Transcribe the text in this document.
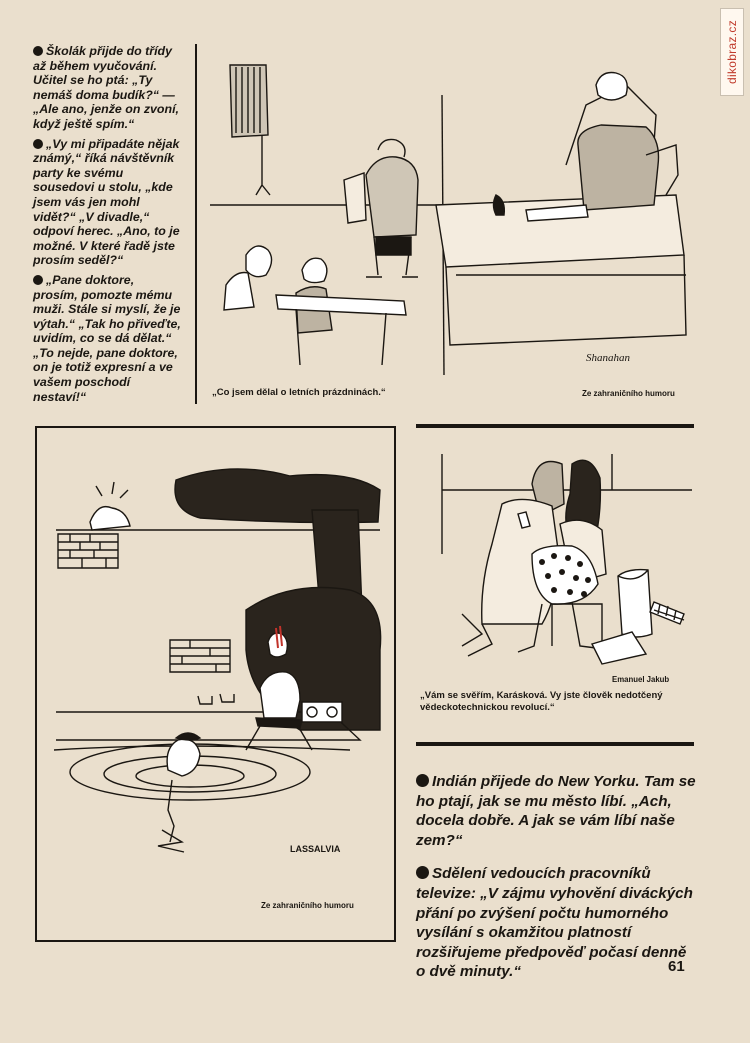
dikobraz.cz

Školák přijde do třídy až během vyučování. Učitel se ho ptá: „Ty nemáš doma budík?“ — „Ale ano, jenže on zvoní, když ještě spím.“

„Vy mi připadáte nějak známý,“ říká návštěvník party ke svému sousedovi u stolu, „kde jsem vás jen mohl vidět?“ „V divadle,“ odpoví herec. „Ano, to je možné. V které řadě jste prosím seděl?“

„Pane doktore, prosím, pomozte mému muži. Stále si myslí, že je výtah.“ „Tak ho přiveďte, uvidím, co se dá dělat.“ „To nejde, pane doktore, on je totiž expresní a ve vašem poschodí nestaví!“

Shanahan
„Co jsem dělal o letních prázdninách.“	Ze zahraničního humoru
LASSALVIA
Ze zahraničního humoru
Emanuel Jakub
„Vám se svěřím, Karásková. Vy jste člověk nedotčený vědeckotechnickou revolucí.“

Indián přijede do New Yorku. Tam se ho ptají, jak se mu město líbí. „Ach, docela dobře. A jak se vám líbí naše zem?“

Sdělení vedoucích pracovníků televize: „V zájmu vyhovění diváckých přání po zvýšení počtu humorného vysílání s okamžitou platností rozšiřujeme předpověď počasí denně o dvě minuty.“	61
